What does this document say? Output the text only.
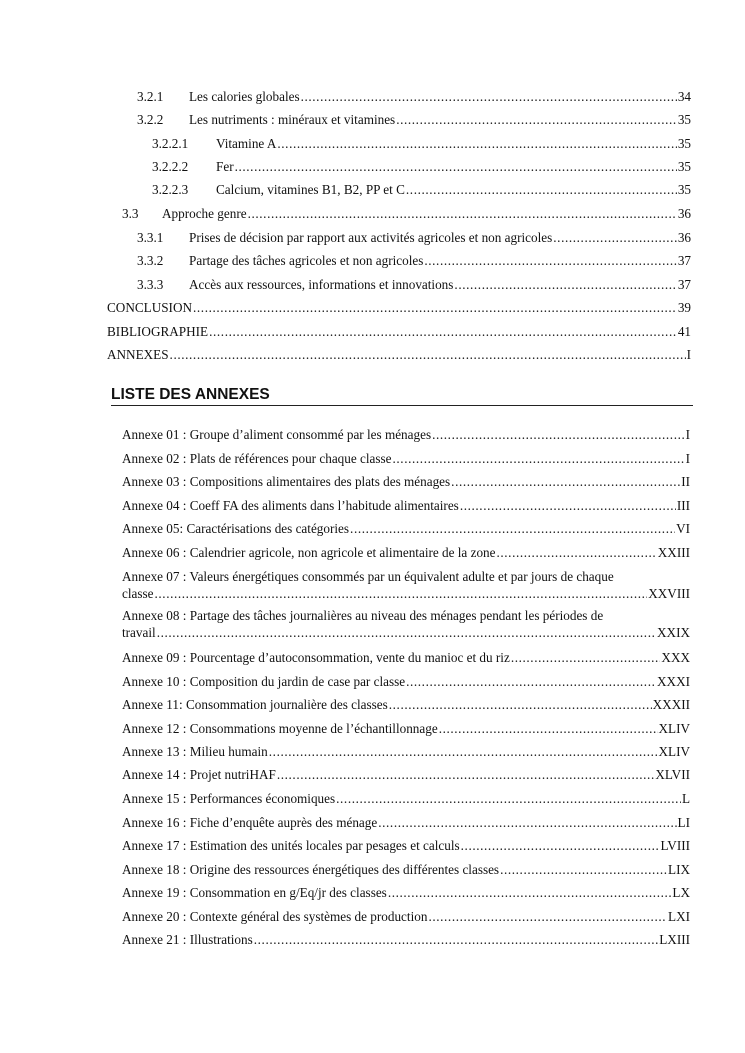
3.2.1	Les calories globales .....	34
3.2.2	Les nutriments : minéraux et vitamines .....	35
3.2.2.1	Vitamine A .....	35
3.2.2.2	Fer .....	35
3.2.2.3	Calcium, vitamines B1, B2, PP et C .....	35
3.3	Approche genre .....	36
3.3.1	Prises de décision par rapport aux activités agricoles et non agricoles .....	36
3.3.2	Partage des tâches agricoles et non agricoles .....	37
3.3.3	Accès aux ressources, informations et innovations .....	37
CONCLUSION .....	39
BIBLIOGRAPHIE .....	41
ANNEXES .....	I
LISTE DES ANNEXES
Annexe 01 : Groupe d’aliment consommé par les ménages .....	I
Annexe 02 : Plats de références pour chaque classe .....	I
Annexe 03 : Compositions alimentaires des plats des ménages .....	II
Annexe 04 : Coeff FA des aliments dans l’habitude alimentaires .....	III
Annexe 05: Caractérisations des catégories .....	VI
Annexe 06 : Calendrier agricole, non agricole et alimentaire de la zone .....	XXIII
Annexe 07 : Valeurs énergétiques consommés par un équivalent adulte et par jours de chaque
classe .....	XXVIII
Annexe 08 : Partage des tâches journalières au niveau des ménages pendant les périodes de
travail .....	XXIX
Annexe 09 : Pourcentage d’autoconsommation, vente du manioc et du riz .....	XXX
Annexe 10 : Composition du jardin de case par classe .....	XXXI
Annexe 11: Consommation journalière des classes .....	XXXII
Annexe 12 : Consommations moyenne de l’échantillonnage .....	XLIV
Annexe 13 : Milieu humain .....	XLIV
Annexe 14 : Projet nutriHAF .....	XLVII
Annexe 15 : Performances économiques .....	L
Annexe 16 : Fiche d’enquête auprès des ménage .....	LI
Annexe 17 : Estimation des unités locales par pesages et calculs .....	LVIII
Annexe 18 : Origine des ressources énergétiques des différentes classes .....	LIX
Annexe 19 : Consommation en g/Eq/jr des classes .....	LX
Annexe 20 : Contexte général des systèmes de production .....	LXI
Annexe 21 : Illustrations .....	LXIII
